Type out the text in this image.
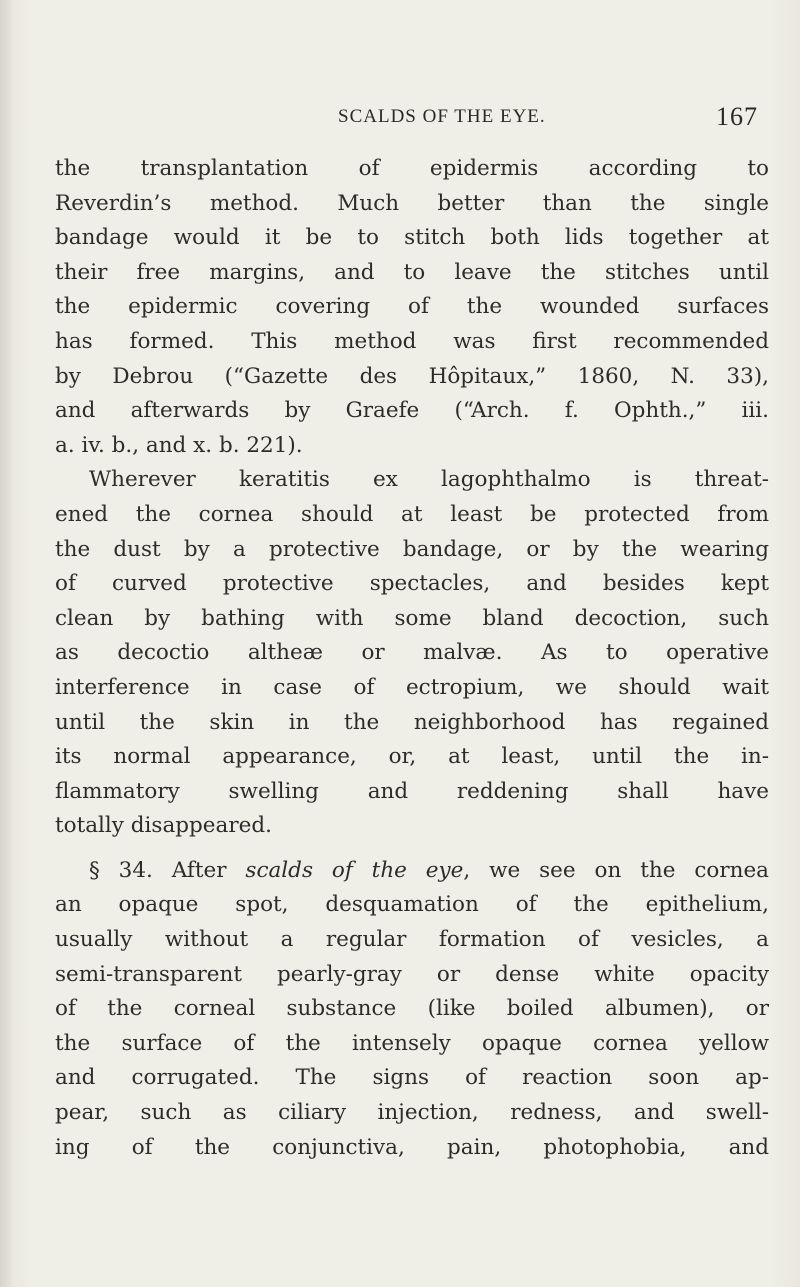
SCALDS OF THE EYE.	167
the transplantation of epidermis according to
Reverdin’s method. Much better than the single
bandage would it be to stitch both lids together at
their free margins, and to leave the stitches until
the epidermic covering of the wounded surfaces
has formed. This method was first recommended
by Debrou (“Gazette des Hôpitaux,” 1860, N. 33),
and afterwards by Graefe (“Arch. f. Ophth.,” iii.
a. iv. b., and x. b. 221).
Wherever keratitis ex lagophthalmo is threat-
ened the cornea should at least be protected from
the dust by a protective bandage, or by the wearing
of curved protective spectacles, and besides kept
clean by bathing with some bland decoction, such
as decoctio altheæ or malvæ. As to operative
interference in case of ectropium, we should wait
until the skin in the neighborhood has regained
its normal appearance, or, at least, until the in-
flammatory swelling and reddening shall have
totally disappeared.
§ 34. After scalds of the eye, we see on the cornea
an opaque spot, desquamation of the epithelium,
usually without a regular formation of vesicles, a
semi-transparent pearly-gray or dense white opacity
of the corneal substance (like boiled albumen), or
the surface of the intensely opaque cornea yellow
and corrugated. The signs of reaction soon ap-
pear, such as ciliary injection, redness, and swell-
ing of the conjunctiva, pain, photophobia, and
